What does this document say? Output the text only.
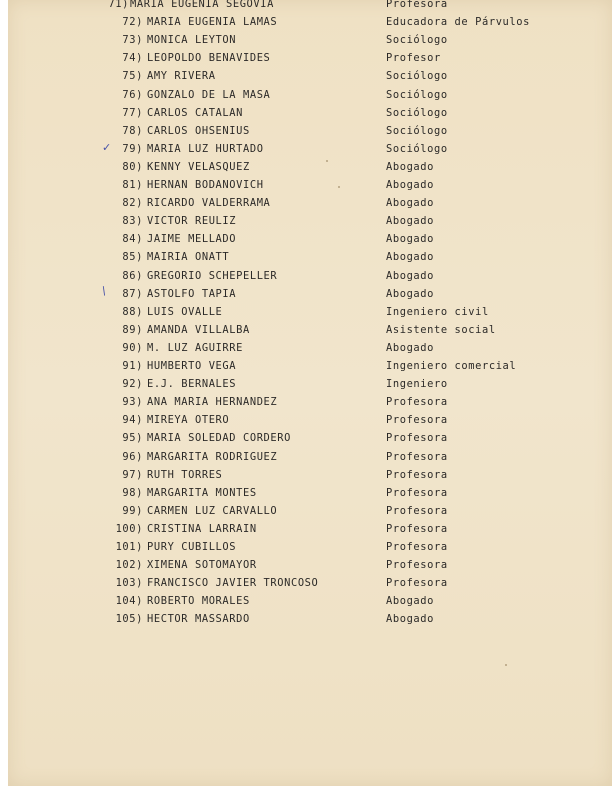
✓
/
71) MARIA EUGENIA SEGOVIA	Profesora
72) MARIA EUGENIA LAMAS	Educadora de Párvulos
73) MONICA LEYTON	Sociólogo
74) LEOPOLDO BENAVIDES	Profesor
75) AMY RIVERA	Sociólogo
76) GONZALO DE LA MASA	Sociólogo
77) CARLOS CATALAN	Sociólogo
78) CARLOS OHSENIUS	Sociólogo
79) MARIA LUZ HURTADO	Sociólogo
80) KENNY VELASQUEZ	Abogado
81) HERNAN BODANOVICH	Abogado
82) RICARDO VALDERRAMA	Abogado
83) VICTOR REULIZ	Abogado
84) JAIME MELLADO	Abogado
85) MAIRIA ONATT	Abogado
86) GREGORIO SCHEPELLER	Abogado
87) ASTOLFO TAPIA	Abogado
88) LUIS OVALLE	Ingeniero civil
89) AMANDA VILLALBA	Asistente social
90) M. LUZ AGUIRRE	Abogado
91) HUMBERTO VEGA	Ingeniero comercial
92) E.J. BERNALES	Ingeniero
93) ANA MARIA HERNANDEZ	Profesora
94) MIREYA OTERO	Profesora
95) MARIA SOLEDAD CORDERO	Profesora
96) MARGARITA RODRIGUEZ	Profesora
97) RUTH TORRES	Profesora
98) MARGARITA MONTES	Profesora
99) CARMEN LUZ CARVALLO	Profesora
100) CRISTINA LARRAIN	Profesora
101) PURY CUBILLOS	Profesora
102) XIMENA SOTOMAYOR	Profesora
103) FRANCISCO JAVIER TRONCOSO	Profesora
104) ROBERTO MORALES	Abogado
105) HECTOR MASSARDO	Abogado
